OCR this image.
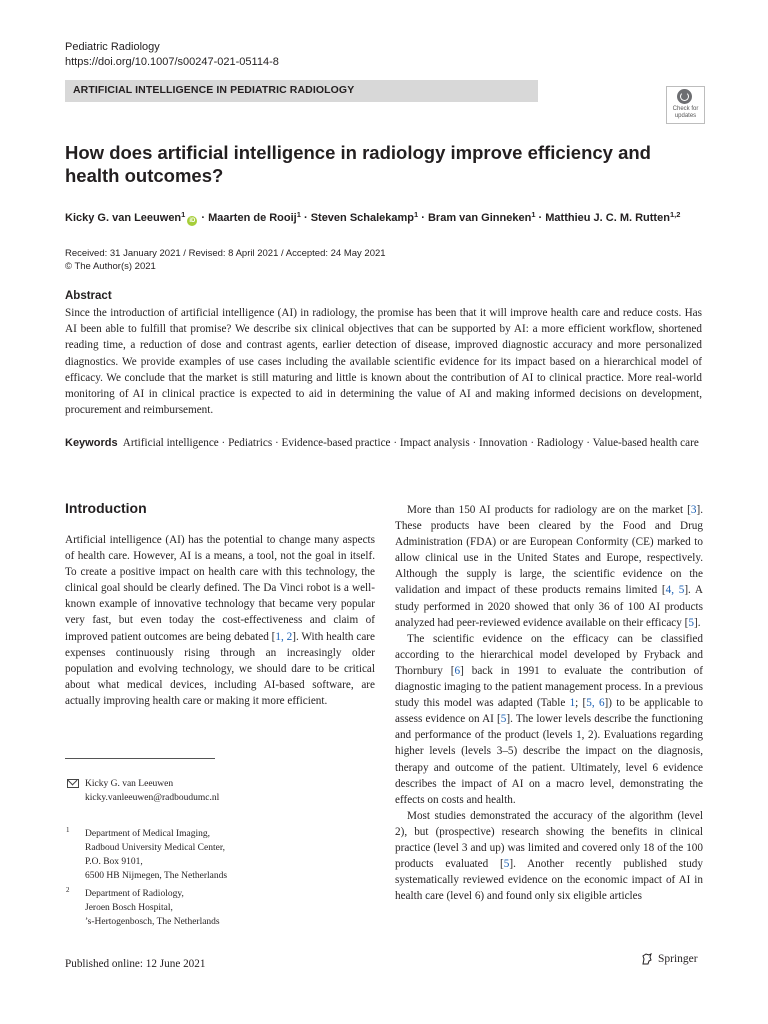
Pediatric Radiology
https://doi.org/10.1007/s00247-021-05114-8
ARTIFICIAL INTELLIGENCE IN PEDIATRIC RADIOLOGY
Check for
updates
How does artificial intelligence in radiology improve efficiency and health outcomes?
Kicky G. van Leeuwen$^1$iD · Maarten de Rooij$^1$ · Steven Schalekamp$^1$ · Bram van Ginneken$^1$ · Matthieu J. C. M. Rutten$^{1,2}$
Received: 31 January 2021 / Revised: 8 April 2021 / Accepted: 24 May 2021
© The Author(s) 2021
Abstract
Since the introduction of artificial intelligence (AI) in radiology, the promise has been that it will improve health care and reduce costs. Has AI been able to fulfill that promise? We describe six clinical objectives that can be supported by AI: a more efficient workflow, shortened reading time, a reduction of dose and contrast agents, earlier detection of disease, improved diagnostic accuracy and more personalized diagnostics. We provide examples of use cases including the available scientific evidence for its impact based on a hierarchical model of efficacy. We conclude that the market is still maturing and little is known about the contribution of AI to clinical practice. More real-world monitoring of AI in clinical practice is expected to aid in determining the value of AI and making informed decisions on development, procurement and reimbursement.
Keywords Artificial intelligence · Pediatrics · Evidence-based practice · Impact analysis · Innovation · Radiology · Value-based health care
Introduction

Artificial intelligence (AI) has the potential to change many aspects of health care. However, AI is a means, a tool, not the goal in itself. To create a positive impact on health care with this technology, the clinical goal should be clearly defined. The Da Vinci robot is a well-known example of innovative technology that became very popular very fast, but even today the cost-effectiveness and claim of improved patient outcomes are being debated [1, 2]. With health care expenses continuously rising through an increasingly older population and evolving technology, we should dare to be critical about what medical devices, including AI-based software, are actually improving health care or making it more efficient.

More than 150 AI products for radiology are on the market [3]. These products have been cleared by the Food and Drug Administration (FDA) or are European Conformity (CE) marked to allow clinical use in the United States and Europe, respectively. Although the supply is large, the scientific evidence on the validation and impact of these products remains limited [4, 5]. A study performed in 2020 showed that only 36 of 100 AI products analyzed had peer-reviewed evidence available on their efficacy [5].

The scientific evidence on the efficacy can be classified according to the hierarchical model developed by Fryback and Thornbury [6] back in 1991 to evaluate the contribution of diagnostic imaging to the patient management process. In a previous study this model was adapted (Table 1; [5, 6]) to be applicable to assess evidence on AI [5]. The lower levels describe the functioning and performance of the product (levels 1, 2). Evaluations regarding higher levels (levels 3–5) describe the impact on the diagnosis, therapy and outcome of the patient. Ultimately, level 6 evidence describes the impact of AI on a macro level, demonstrating the effects on costs and health.

Most studies demonstrated the accuracy of the algorithm (level 2), but (prospective) research showing the benefits in clinical practice (level 3 and up) was limited and covered only 18 of the 100 products evaluated [5]. Another recently published study systematically reviewed evidence on the economic impact of AI in health care (level 6) and found only six eligible articles

Kicky G. van Leeuwen
kicky.vanleeuwen@radboudumc.nl
1 Department of Medical Imaging,
Radboud University Medical Center,
P.O. Box 9101,
6500 HB Nijmegen, The Netherlands
2 Department of Radiology,
Jeroen Bosch Hospital,
’s-Hertogenbosch, The Netherlands
Published online: 12 June 2021	Springer
